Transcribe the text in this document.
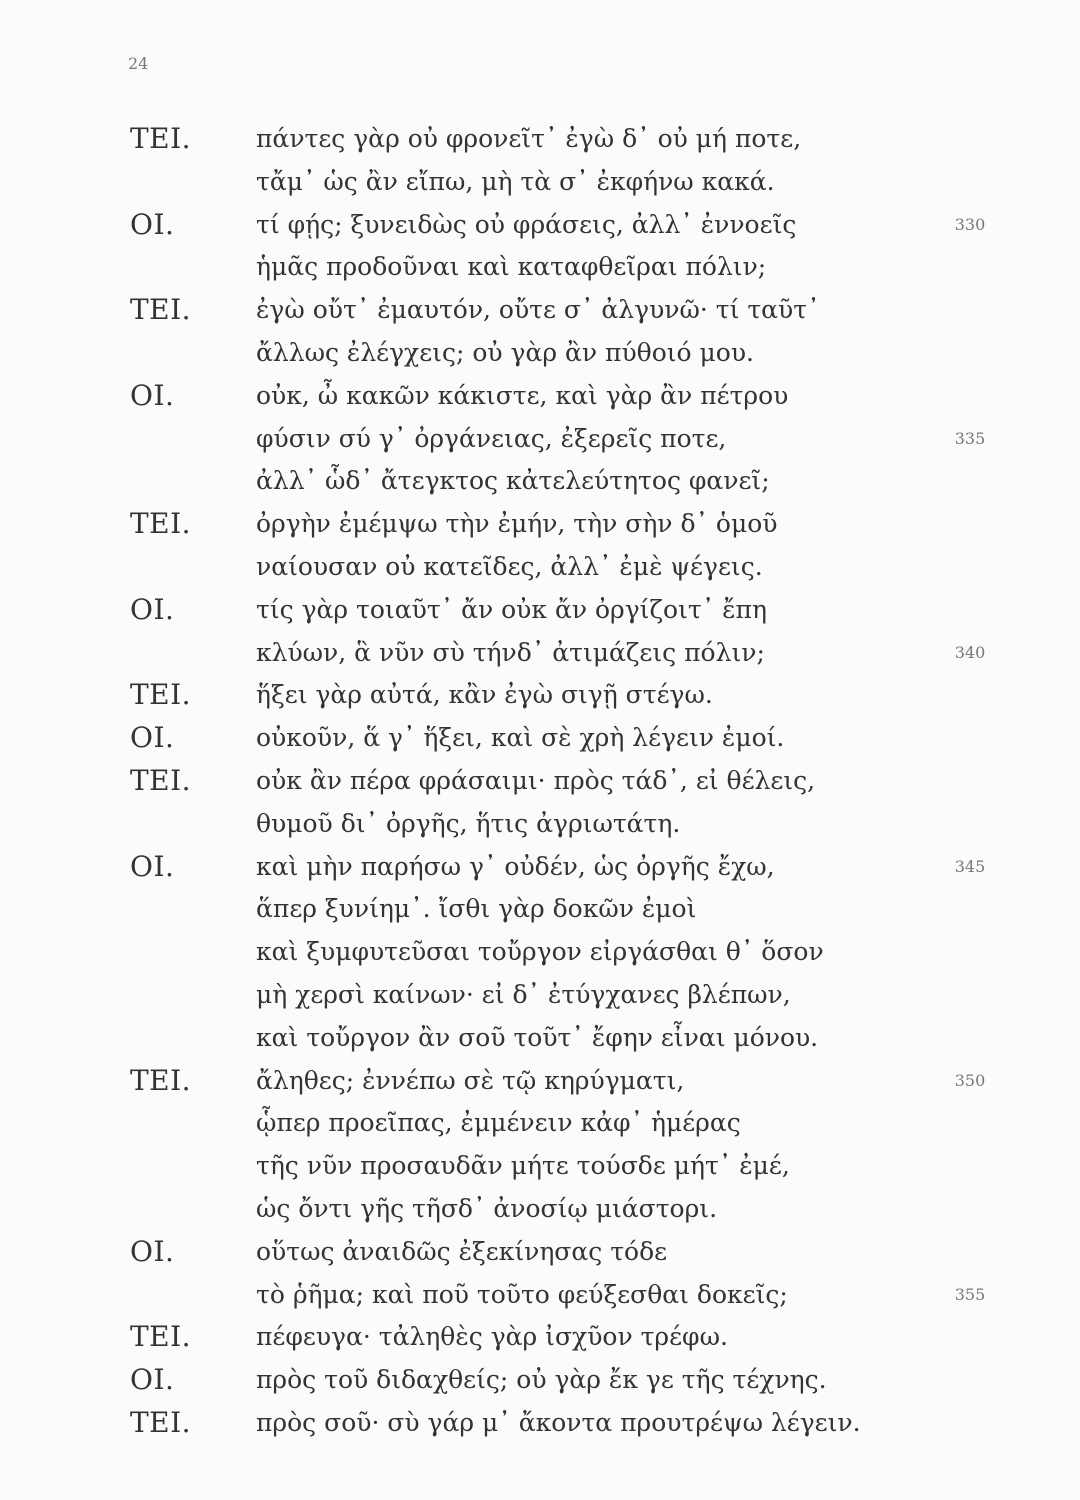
24
TEI.	πάντες γὰρ οὐ φρονεῖτ᾽ ἐγὼ δ᾽ οὐ μή ποτε,
τἄμ᾽ ὡς ἂν εἴπω, μὴ τὰ σ᾽ ἐκφήνω κακά.
ΟΙ.	τί φῄς; ξυνειδὼς οὐ φράσεις, ἀλλ᾽ ἐννοεῖς	330
ἡμᾶς προδοῦναι καὶ καταφθεῖραι πόλιν;
TEI.	ἐγὼ οὔτ᾽ ἐμαυτόν, οὔτε σ᾽ ἀλγυνῶ· τί ταῦτ᾽
ἄλλως ἐλέγχεις; οὐ γὰρ ἂν πύθοιό μου.
ΟΙ.	οὐκ, ὦ κακῶν κάκιστε, καὶ γὰρ ἂν πέτρου
φύσιν σύ γ᾽ ὀργάνειας, ἐξερεῖς ποτε,	335
ἀλλ᾽ ὧδ᾽ ἄτεγκτος κἀτελεύτητος φανεῖ;
TEI.	ὀργὴν ἐμέμψω τὴν ἐμήν, τὴν σὴν δ᾽ ὁμοῦ
ναίουσαν οὐ κατεῖδες, ἀλλ᾽ ἐμὲ ψέγεις.
ΟΙ.	τίς γὰρ τοιαῦτ᾽ ἄν οὐκ ἄν ὀργίζοιτ᾽ ἔπη
κλύων, ἃ νῦν σὺ τήνδ᾽ ἀτιμάζεις πόλιν;	340
TEI.	ἥξει γὰρ αὐτά, κἂν ἐγὼ σιγῇ στέγω.
ΟΙ.	οὐκοῦν, ἅ γ᾽ ἥξει, καὶ σὲ χρὴ λέγειν ἐμοί.
TEI.	οὐκ ἂν πέρα φράσαιμι· πρὸς τάδ᾽, εἰ θέλεις,
θυμοῦ δι᾽ ὀργῆς, ἥτις ἀγριωτάτη.
ΟΙ.	καὶ μὴν παρήσω γ᾽ οὐδέν, ὡς ὀργῆς ἔχω,	345
ἅπερ ξυνίημ᾽. ἴσθι γὰρ δοκῶν ἐμοὶ
καὶ ξυμφυτεῦσαι τοὔργον εἰργάσθαι θ᾽ ὅσον
μὴ χερσὶ καίνων· εἰ δ᾽ ἐτύγχανες βλέπων,
καὶ τοὔργον ἂν σοῦ τοῦτ᾽ ἔφην εἶναι μόνου.
TEI.	ἄληθες; ἐννέπω σὲ τῷ κηρύγματι,	350
ᾧπερ προεῖπας, ἐμμένειν κἀφ᾽ ἡμέρας
τῆς νῦν προσαυδᾶν μήτε τούσδε μήτ᾽ ἐμέ,
ὡς ὄντι γῆς τῆσδ᾽ ἀνοσίῳ μιάστορι.
ΟΙ.	οὕτως ἀναιδῶς ἐξεκίνησας τόδε
τὸ ῥῆμα; καὶ ποῦ τοῦτο φεύξεσθαι δοκεῖς;	355
TEI.	πέφευγα· τἀληθὲς γὰρ ἰσχῦον τρέφω.
ΟΙ.	πρὸς τοῦ διδαχθείς; οὐ γὰρ ἔκ γε τῆς τέχνης.
TEI.	πρὸς σοῦ· σὺ γάρ μ᾽ ἄκοντα προυτρέψω λέγειν.
